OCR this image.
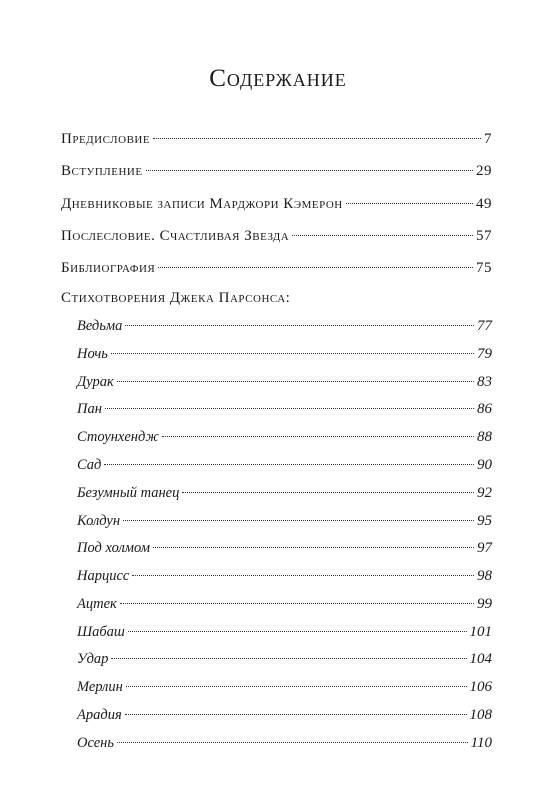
Содержание
Предисловие	7
Вступление	29
Дневниковые записи Марджори Кэмерон	49
Послесловие. Счастливая Звезда	57
Библиография	75
Стихотворения Джека Парсонса:
Ведьма	77
Ночь	79
Дурак	83
Пан	86
Стоунхендж	88
Сад	90
Безумный танец	92
Колдун	95
Под холмом	97
Нарцисс	98
Ацтек	99
Шабаш	101
Удар	104
Мерлин	106
Арадия	108
Осень	110
